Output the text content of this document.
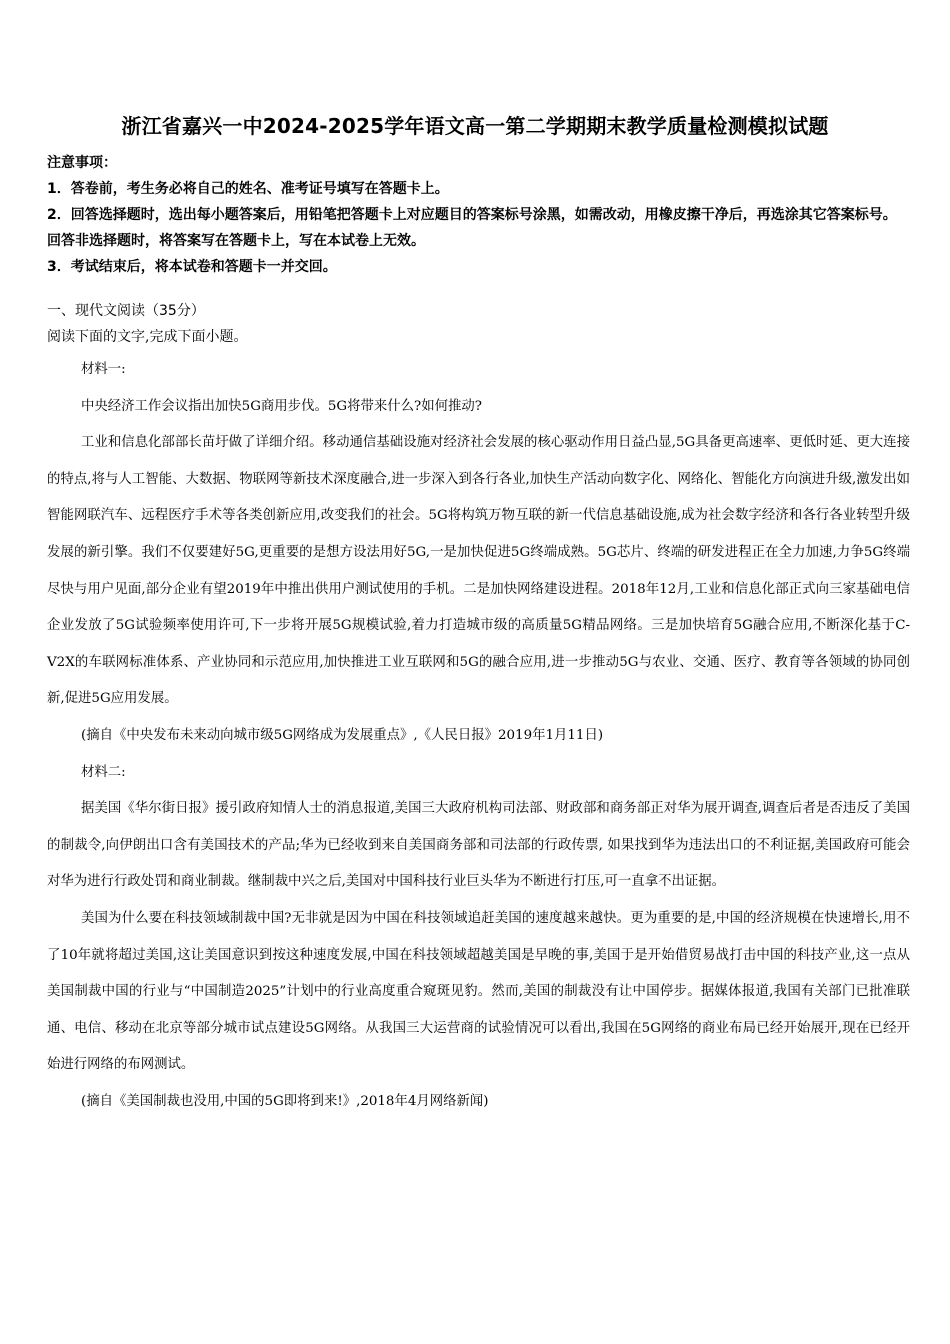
浙江省嘉兴一中2024-2025学年语文高一第二学期期末教学质量检测模拟试题

注意事项：

1．答卷前，考生务必将自己的姓名、准考证号填写在答题卡上。

2．回答选择题时，选出每小题答案后，用铅笔把答题卡上对应题目的答案标号涂黑，如需改动，用橡皮擦干净后，再选涂其它答案标号。回答非选择题时，将答案写在答题卡上，写在本试卷上无效。

3．考试结束后，将本试卷和答题卡一并交回。

一、现代文阅读（35分）
阅读下面的文字,完成下面小题。

材料一:

中央经济工作会议指出加快5G商用步伐。5G将带来什么?如何推动?

工业和信息化部部长苗圩做了详细介绍。移动通信基础设施对经济社会发展的核心驱动作用日益凸显,5G具备更高速率、更低时延、更大连接的特点,将与人工智能、大数据、物联网等新技术深度融合,进一步深入到各行各业,加快生产活动向数字化、网络化、智能化方向演进升级,激发出如智能网联汽车、远程医疗手术等各类创新应用,改变我们的社会。5G将构筑万物互联的新一代信息基础设施,成为社会数字经济和各行各业转型升级发展的新引擎。我们不仅要建好5G,更重要的是想方设法用好5G,一是加快促进5G终端成熟。5G芯片、终端的研发进程正在全力加速,力争5G终端尽快与用户见面,部分企业有望2019年中推出供用户测试使用的手机。二是加快网络建设进程。2018年12月,工业和信息化部正式向三家基础电信企业发放了5G试验频率使用许可,下一步将开展5G规模试验,着力打造城市级的高质量5G精品网络。三是加快培育5G融合应用,不断深化基于C-V2X的车联网标准体系、产业协同和示范应用,加快推进工业互联网和5G的融合应用,进一步推动5G与农业、交通、医疗、教育等各领域的协同创新,促进5G应用发展。

(摘自《中央发布未来动向城市级5G网络成为发展重点》,《人民日报》2019年1月11日)

材料二:

据美国《华尔街日报》援引政府知情人士的消息报道,美国三大政府机构司法部、财政部和商务部正对华为展开调查,调查后者是否违反了美国的制裁令,向伊朗出口含有美国技术的产品;华为已经收到来自美国商务部和司法部的行政传票, 如果找到华为违法出口的不利证据,美国政府可能会对华为进行行政处罚和商业制裁。继制裁中兴之后,美国对中国科技行业巨头华为不断进行打压,可一直拿不出证据。

美国为什么要在科技领域制裁中国?无非就是因为中国在科技领域追赶美国的速度越来越快。更为重要的是,中国的经济规模在快速增长,用不了10年就将超过美国,这让美国意识到按这种速度发展,中国在科技领域超越美国是早晚的事,美国于是开始借贸易战打击中国的科技产业,这一点从美国制裁中国的行业与“中国制造2025”计划中的行业高度重合窥斑见豹。然而,美国的制裁没有让中国停步。据媒体报道,我国有关部门已批准联通、电信、移动在北京等部分城市试点建设5G网络。从我国三大运营商的试验情况可以看出,我国在5G网络的商业布局已经开始展开,现在已经开始进行网络的布网测试。

(摘自《美国制裁也没用,中国的5G即将到来!》,2018年4月网络新闻)
